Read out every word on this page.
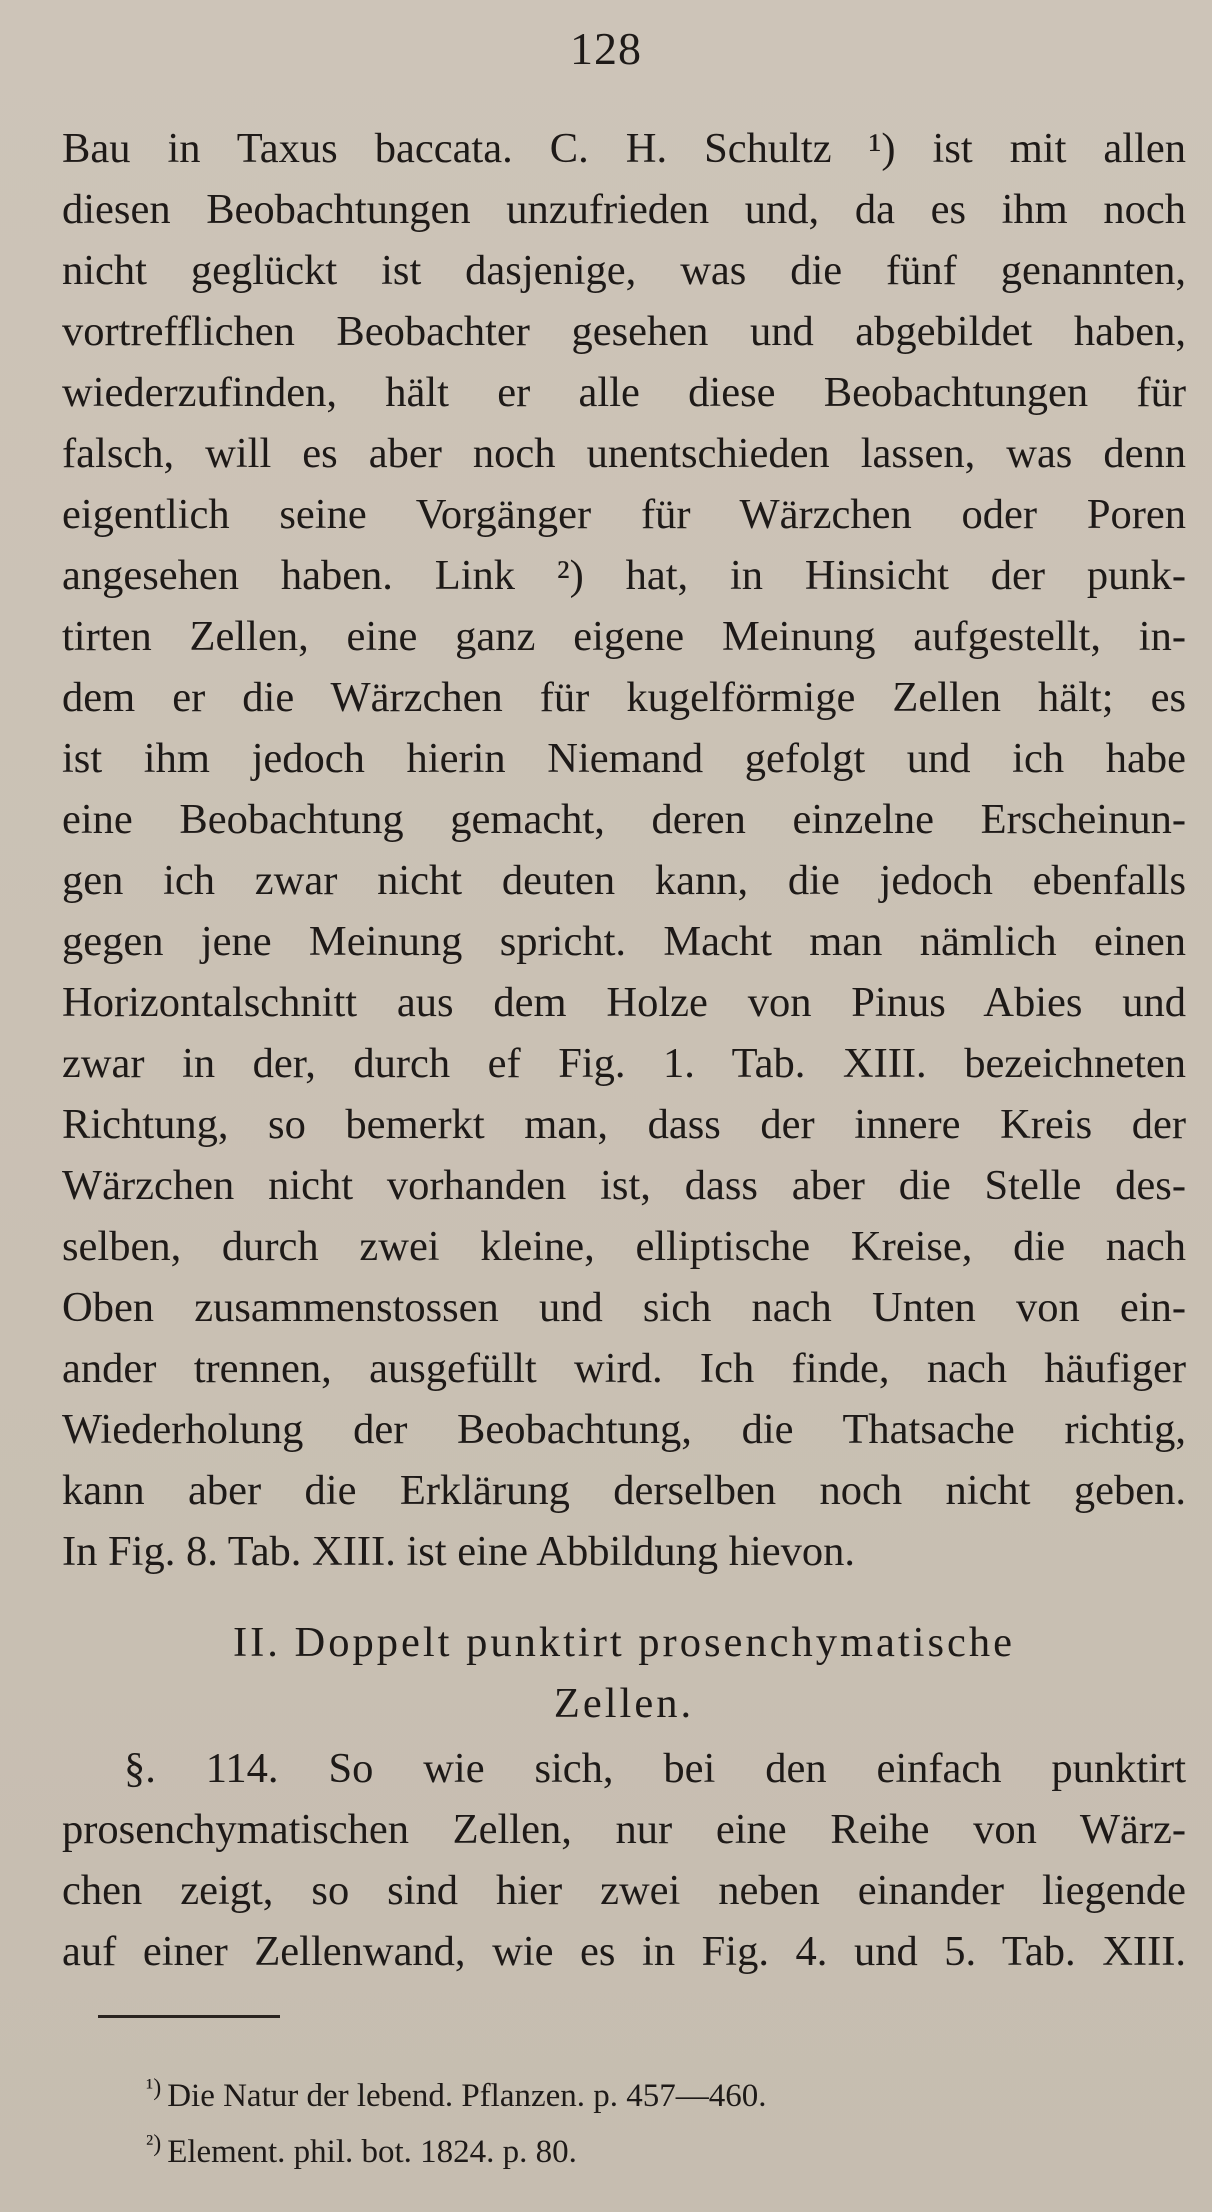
128
Bau in Taxus baccata. C. H. Schultz ¹) ist mit allen
diesen Beobachtungen unzufrieden und, da es ihm noch
nicht geglückt ist dasjenige, was die fünf genannten,
vortrefflichen Beobachter gesehen und abgebildet haben,
wiederzufinden, hält er alle diese Beobachtungen für
falsch, will es aber noch unentschieden lassen, was denn
eigentlich seine Vorgänger für Wärzchen oder Poren
angesehen haben. Link ²) hat, in Hinsicht der punk-
tirten Zellen, eine ganz eigene Meinung aufgestellt, in-
dem er die Wärzchen für kugelförmige Zellen hält; es
ist ihm jedoch hierin Niemand gefolgt und ich habe
eine Beobachtung gemacht, deren einzelne Erscheinun-
gen ich zwar nicht deuten kann, die jedoch ebenfalls
gegen jene Meinung spricht. Macht man nämlich einen
Horizontalschnitt aus dem Holze von Pinus Abies und
zwar in der, durch ef Fig. 1. Tab. XIII. bezeichneten
Richtung, so bemerkt man, dass der innere Kreis der
Wärzchen nicht vorhanden ist, dass aber die Stelle des-
selben, durch zwei kleine, elliptische Kreise, die nach
Oben zusammenstossen und sich nach Unten von ein-
ander trennen, ausgefüllt wird. Ich finde, nach häufiger
Wiederholung der Beobachtung, die Thatsache richtig,
kann aber die Erklärung derselben noch nicht geben.
In Fig. 8. Tab. XIII. ist eine Abbildung hievon.
II. Doppelt punktirt prosenchymatische
Zellen.
§. 114. So wie sich, bei den einfach punktirt
prosenchymatischen Zellen, nur eine Reihe von Wärz-
chen zeigt, so sind hier zwei neben einander liegende
auf einer Zellenwand, wie es in Fig. 4. und 5. Tab. XIII.
$^{^1)}$ Die Natur der lebend. Pflanzen. p. 457—460.
$^{^2)}$ Element. phil. bot. 1824. p. 80.
